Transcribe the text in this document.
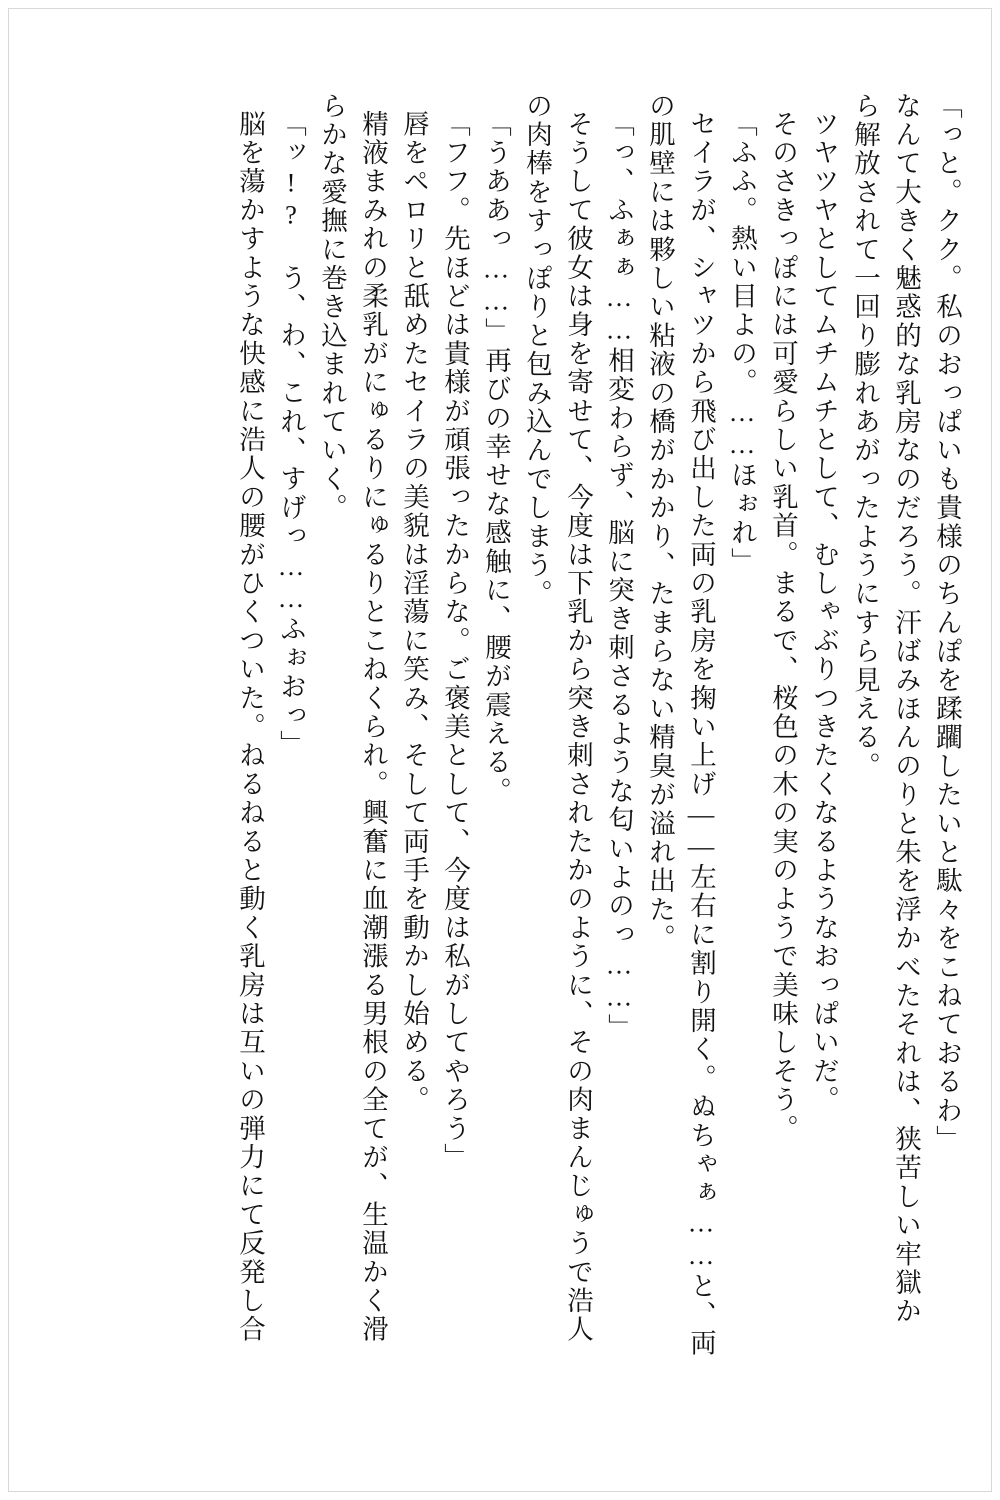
「っと。クク。私のおっぱいも貴様のちんぽを蹂躙したいと駄々をこねておるわ」
なんて大きく魅惑的な乳房なのだろう。汗ばみほんのりと朱を浮かべたそれは、狭苦しい牢獄か
ら解放されて一回り膨れあがったようにすら見える。
ツヤツヤとしてムチムチとして、むしゃぶりつきたくなるようなおっぱいだ。
そのさきっぽには可愛らしい乳首。まるで、桜色の木の実のようで美味しそう。
「ふふ。熱い目よの。……ほぉれ」
セイラが、シャツから飛び出した両の乳房を掬い上げ——左右に割り開く。ぬちゃぁ……と、両
の肌壁には夥しい粘液の橋がかかり、たまらない精臭が溢れ出た。
「っ、ふぁぁ……相変わらず、脳に突き刺さるような匂いよのっ……」
そうして彼女は身を寄せて、今度は下乳から突き刺されたかのように、その肉まんじゅうで浩人
の肉棒をすっぽりと包み込んでしまう。
「うああっ……」再びの幸せな感触に、腰が震える。
「フフ。先ほどは貴様が頑張ったからな。ご褒美として、今度は私がしてやろう」
唇をペロリと舐めたセイラの美貌は淫蕩に笑み、そして両手を動かし始める。
精液まみれの柔乳がにゅるりにゅるりとこねくられ。興奮に血潮漲る男根の全てが、生温かく滑
らかな愛撫に巻き込まれていく。
「ッ!? う、わ、これ、すげっ……ふぉおっ」
脳を蕩かすような快感に浩人の腰がひくついた。ねるねると動く乳房は互いの弾力にて反発し合
